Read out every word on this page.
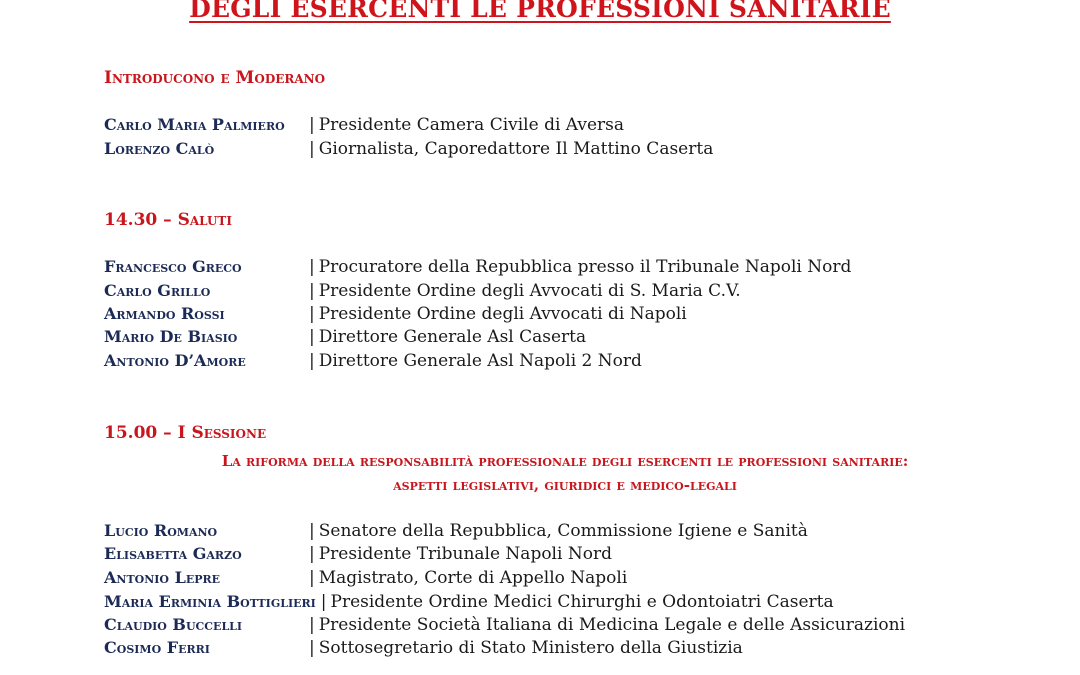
DEGLI ESERCENTI LE PROFESSIONI SANITARIE
Introducono e Moderano
Carlo Maria Palmiero | Presidente Camera Civile di Aversa
Lorenzo Calò	| Giornalista, Caporedattore Il Mattino Caserta
14.30 – Saluti
Francesco Greco	| Procuratore della Repubblica presso il Tribunale Napoli Nord
Carlo Grillo	| Presidente Ordine degli Avvocati di S. Maria C.V.
Armando Rossi	| Presidente Ordine degli Avvocati di Napoli
Mario De Biasio	| Direttore Generale Asl Caserta
Antonio D’Amore	| Direttore Generale Asl Napoli 2 Nord
15.00 – I Sessione
La riforma della responsabilità professionale degli esercenti le professioni sanitarie:
aspetti legislativi, giuridici e medico-legali
Lucio Romano	| Senatore della Repubblica, Commissione Igiene e Sanità
Elisabetta Garzo	| Presidente Tribunale Napoli Nord
Antonio Lepre	| Magistrato, Corte di Appello Napoli
Maria Erminia Bottiglieri | Presidente Ordine Medici Chirurghi e Odontoiatri Caserta
Claudio Buccelli	| Presidente Società Italiana di Medicina Legale e delle Assicurazioni
Cosimo Ferri	| Sottosegretario di Stato Ministero della Giustizia
